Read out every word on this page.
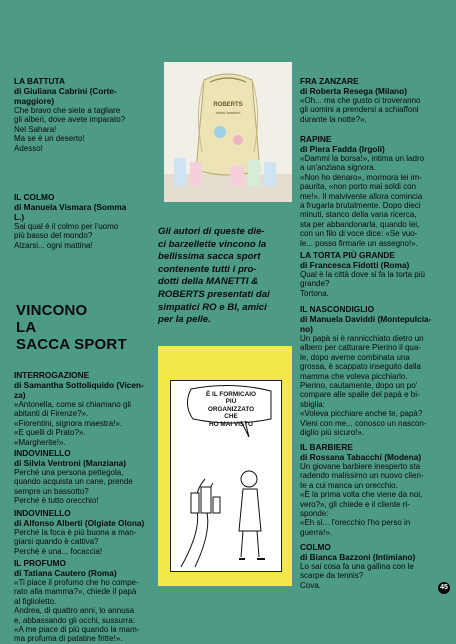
LA BATTUTA
di Giuliana Cabrini (Corte-
maggiore)
Che bravo che siete a tagliare
gli alberi, dove avete imparato?
Nel Sahara!
Ma se è un deserto!
Adesso!
IL COLMO
di Manuela Vismara (Somma
L.)
Sai qual è il colmo per l'uomo
più basso del mondo?
Alzarsi... ogni mattina!
INTERROGAZIONE
di Samantha Sottoliquido (Vicen-
za)
«Antonella, come si chiamano gli
abitanti di Firenze?».
«Fiorentini, signora maestra!».
«E quelli di Prato?».
«Margherite!».
INDOVINELLO
di Silvia Ventroni (Manziana)
Perché una persona pettegola,
quando acquista un cane, prende
sempre un bassotto?
Perché è tutto orecchio!
INDOVINELLO
di Alfonso Alberti (Olgiate Olona)
Perché la foca è più buona a man-
giarsi quando è cattiva?
Perché è una... focaccia!
IL PROFUMO
di Tatiana Cautero (Roma)
«Ti piace il profumo che ho compe-
rato alla mamma?», chiede il papà
al figlioletto.
Andrea, di quattro anni, lo annusa
e, abbassando gli occhi, sussurra:
«A me piace di più quando la mam-
ma profuma di patatine fritte!».
VINCONO
LA
SACCA SPORT
ROBERTS
bimbi bambini
Gli autori di queste die-
ci barzellette vincono la
bellissima sacca sport
contenente tutti i pro-
dotti della MANETTI &
ROBERTS presentati dai
simpatici RO e BI, amici
per la pelle.
È IL FORMICAIO PIÙ
ORGANIZZATO CHE
HO MAI VISTO
FRA ZANZARE
di Roberta Resega (Milano)
«Oh... ma che gusto ci troveranno
gli uomini a prendersi a schiaffoni
durante la notte?».
RAPINE
di Piera Fadda (Irgoli)
«Dammi la borsa!», intima un ladro
a un'anziana signora.
«Non ho denaro», mormora lei im-
paurita, «non porto mai soldi con
me!». Il malvivente allora comincia
a frugarla brutalmente. Dopo dieci
minuti, stanco della vana ricerca,
sta per abbandonarla, quando lei,
con un filo di voce dice: «Se vuo-
le... posso firmarle un assegno!».
LA TORTA PIÙ GRANDE
di Francesca Fidotti (Roma)
Qual è la città dove si fa la torta più
grande?
Tortona.
IL NASCONDIGLIO
di Manuela Daviddi (Montepulcia-
no)
Un papà si è rannicchiato dietro un
albero per catturare Pierino il qua-
le, dopo averne combinata una
grossa, è scappato inseguito dalla
mamma che voleva picchiarlo.
Pierino, cautamente, dopo un po'
compare alle spalle del papà e bi-
sbiglia:
«Voleva picchiare anche te, papà?
Vieni con me... conosco un nascon-
diglio più sicuro!».
IL BARBIERE
di Rossana Tabacchi (Modena)
Un giovane barbiere inesperto sta
radendo malissimo un nuovo clien-
te a cui manca un orecchio.
«È la prima volta che viene da noi,
vero?», gli chiede e il cliente ri-
sponde:
«Eh sì... l'orecchio l'ho perso in
guerra!».
COLMO
di Bianca Bazzoni (Intimiano)
Lo sai cosa fa una gallina con le
scarpe da tennis?
Cova.	45
